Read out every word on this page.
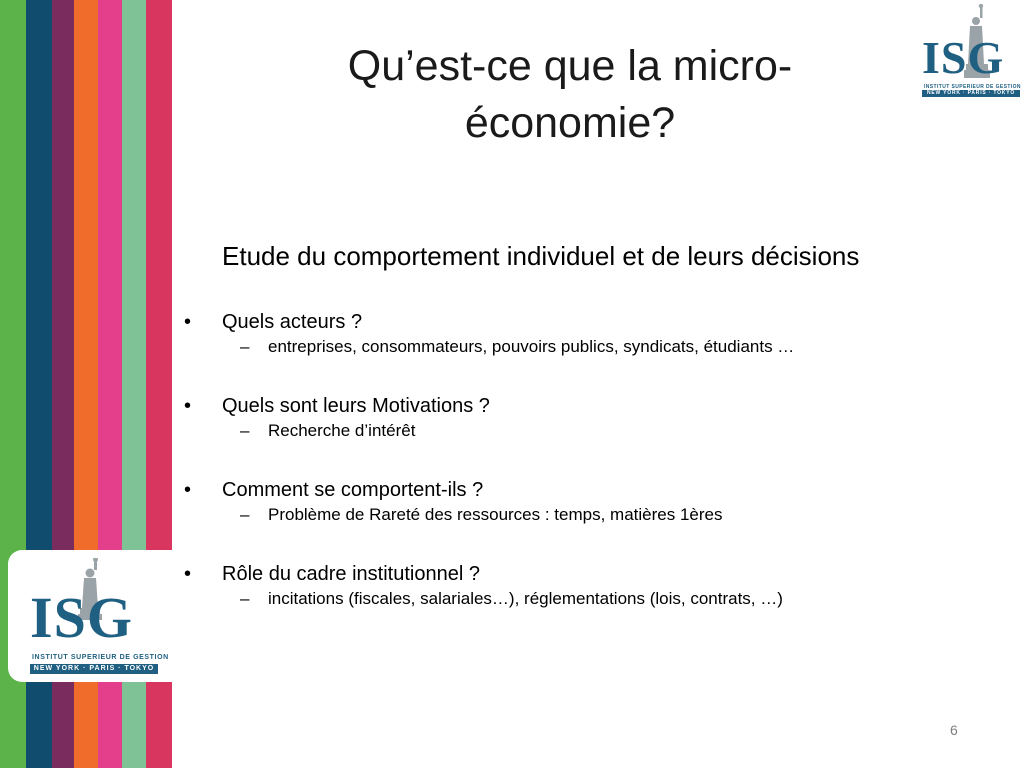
ISG
INSTITUT SUPERIEUR DE GESTION
NEW YORK · PARIS · TOKYO
ISG
INSTITUT SUPERIEUR DE GESTION
NEW YORK · PARIS · TOKYO
Qu’est-ce que la micro-économie?

Etude du comportement individuel et de leurs décisions

• Quels acteurs ?
– entreprises, consommateurs, pouvoirs publics, syndicats, étudiants …
• Quels sont leurs Motivations ?
– Recherche d’intérêt
• Comment se comportent-ils ?
– Problème de Rareté des ressources : temps, matières 1ères
• Rôle du cadre institutionnel ?
– incitations (fiscales, salariales…), réglementations (lois, contrats, …)
6
